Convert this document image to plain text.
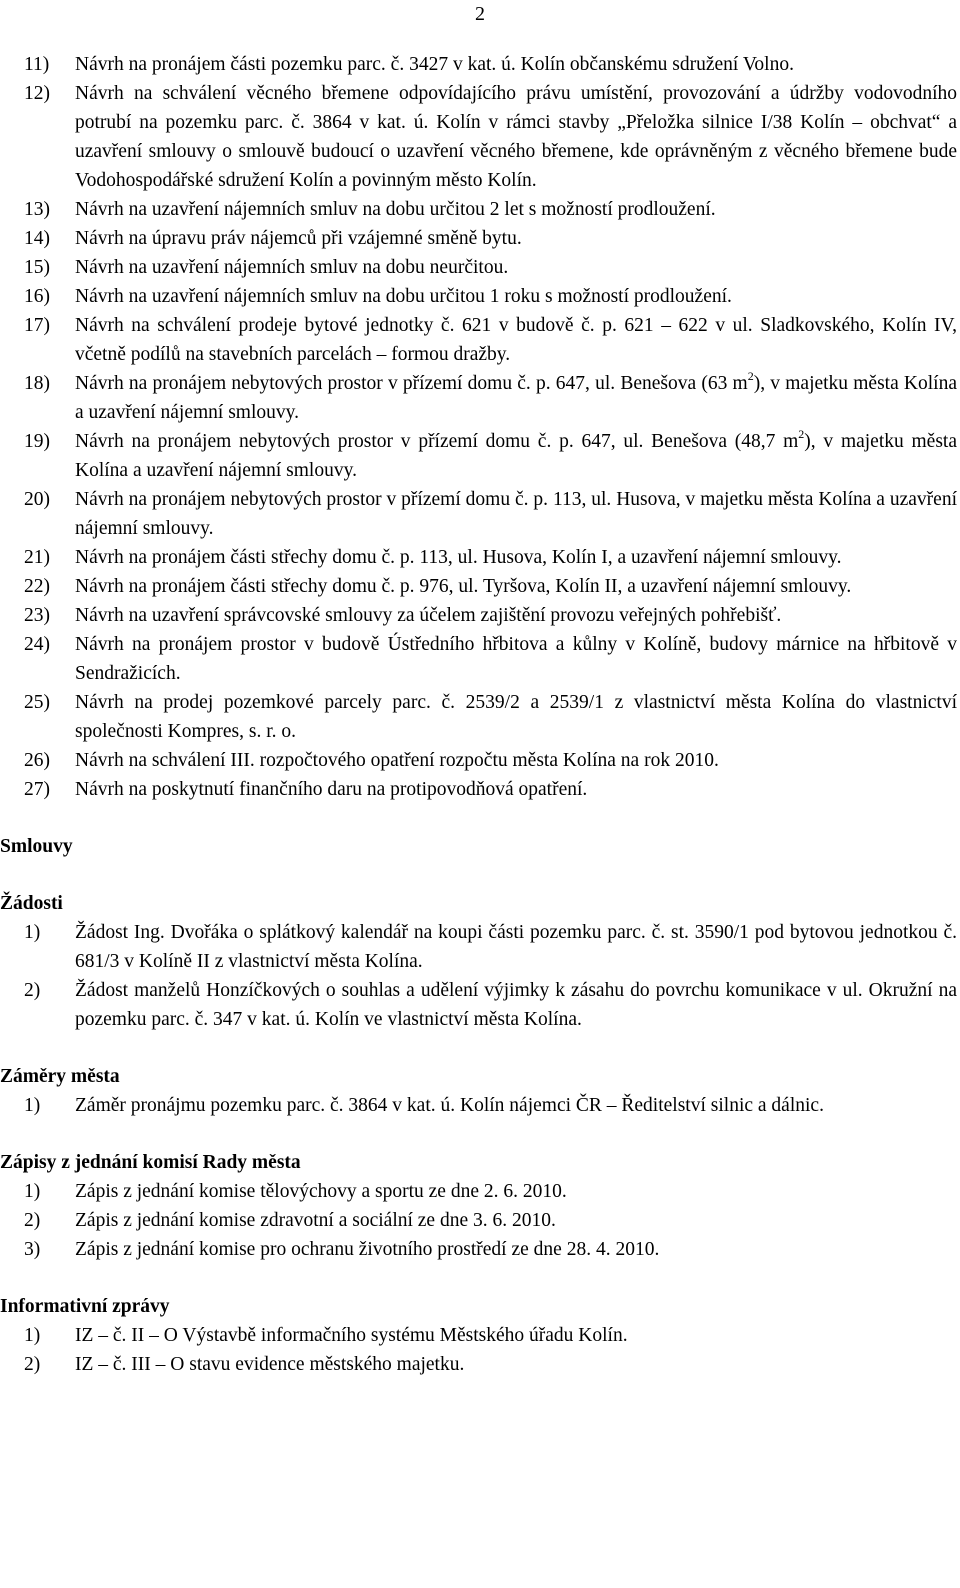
2
11)	Návrh na pronájem části pozemku parc. č. 3427 v kat. ú. Kolín občanskému sdružení Volno.
12)	Návrh na schválení věcného břemene odpovídajícího právu umístění, provozování a údržby vodovodního potrubí na pozemku parc. č. 3864 v kat. ú. Kolín v rámci stavby „Přeložka silnice I/38 Kolín – obchvat“ a uzavření smlouvy o smlouvě budoucí o uzavření věcného břemene, kde oprávněným z věcného břemene bude Vodohospodářské sdružení Kolín a povinným město Kolín.
13)	Návrh na uzavření nájemních smluv na dobu určitou 2 let s možností prodloužení.
14)	Návrh na úpravu práv nájemců při vzájemné směně bytu.
15)	Návrh na uzavření nájemních smluv na dobu neurčitou.
16)	Návrh na uzavření nájemních smluv na dobu určitou 1 roku s možností prodloužení.
17)	Návrh na schválení prodeje bytové jednotky č. 621 v budově č. p. 621 – 622 v ul. Sladkovského, Kolín IV, včetně podílů na stavebních parcelách – formou dražby.
18)	Návrh na pronájem nebytových prostor v přízemí domu č. p. 647, ul. Benešova (63 $m^2$), v majetku města Kolína a uzavření nájemní smlouvy.
19)	Návrh na pronájem nebytových prostor v přízemí domu č. p. 647, ul. Benešova (48,7 $m^2$), v majetku města Kolína a uzavření nájemní smlouvy.
20)	Návrh na pronájem nebytových prostor v přízemí domu č. p. 113, ul. Husova, v majetku města Kolína a uzavření nájemní smlouvy.
21)	Návrh na pronájem části střechy domu č. p. 113, ul. Husova, Kolín I, a uzavření nájemní smlouvy.
22)	Návrh na pronájem části střechy domu č. p. 976, ul. Tyršova, Kolín II, a uzavření nájemní smlouvy.
23)	Návrh na uzavření správcovské smlouvy za účelem zajištění provozu veřejných pohřebišť.
24)	Návrh na pronájem prostor v budově Ústředního hřbitova a kůlny v Kolíně, budovy márnice na hřbitově v Sendražicích.
25)	Návrh na prodej pozemkové parcely parc. č. 2539/2 a 2539/1 z vlastnictví města Kolína do vlastnictví společnosti Kompres, s. r. o.
26)	Návrh na schválení III. rozpočtového opatření rozpočtu města Kolína na rok 2010.
27)	Návrh na poskytnutí finančního daru na protipovodňová opatření.
Smlouvy
Žádosti
1)	Žádost Ing. Dvořáka o splátkový kalendář na koupi části pozemku parc. č. st. 3590/1 pod bytovou jednotkou č. 681/3 v Kolíně II z vlastnictví města Kolína.
2)	Žádost manželů Honzíčkových o souhlas a udělení výjimky k zásahu do povrchu komunikace v ul. Okružní na pozemku parc. č. 347 v kat. ú. Kolín ve vlastnictví města Kolína.
Záměry města
1)	Záměr pronájmu pozemku parc. č. 3864 v kat. ú. Kolín nájemci ČR – Ředitelství silnic a dálnic.
Zápisy z jednání komisí Rady města
1)	Zápis z jednání komise tělovýchovy a sportu ze dne 2. 6. 2010.
2)	Zápis z jednání komise zdravotní a sociální ze dne 3. 6. 2010.
3)	Zápis z jednání komise pro ochranu životního prostředí ze dne 28. 4. 2010.
Informativní zprávy
1)	IZ – č. II – O Výstavbě informačního systému Městského úřadu Kolín.
2)	IZ – č. III – O stavu evidence městského majetku.
